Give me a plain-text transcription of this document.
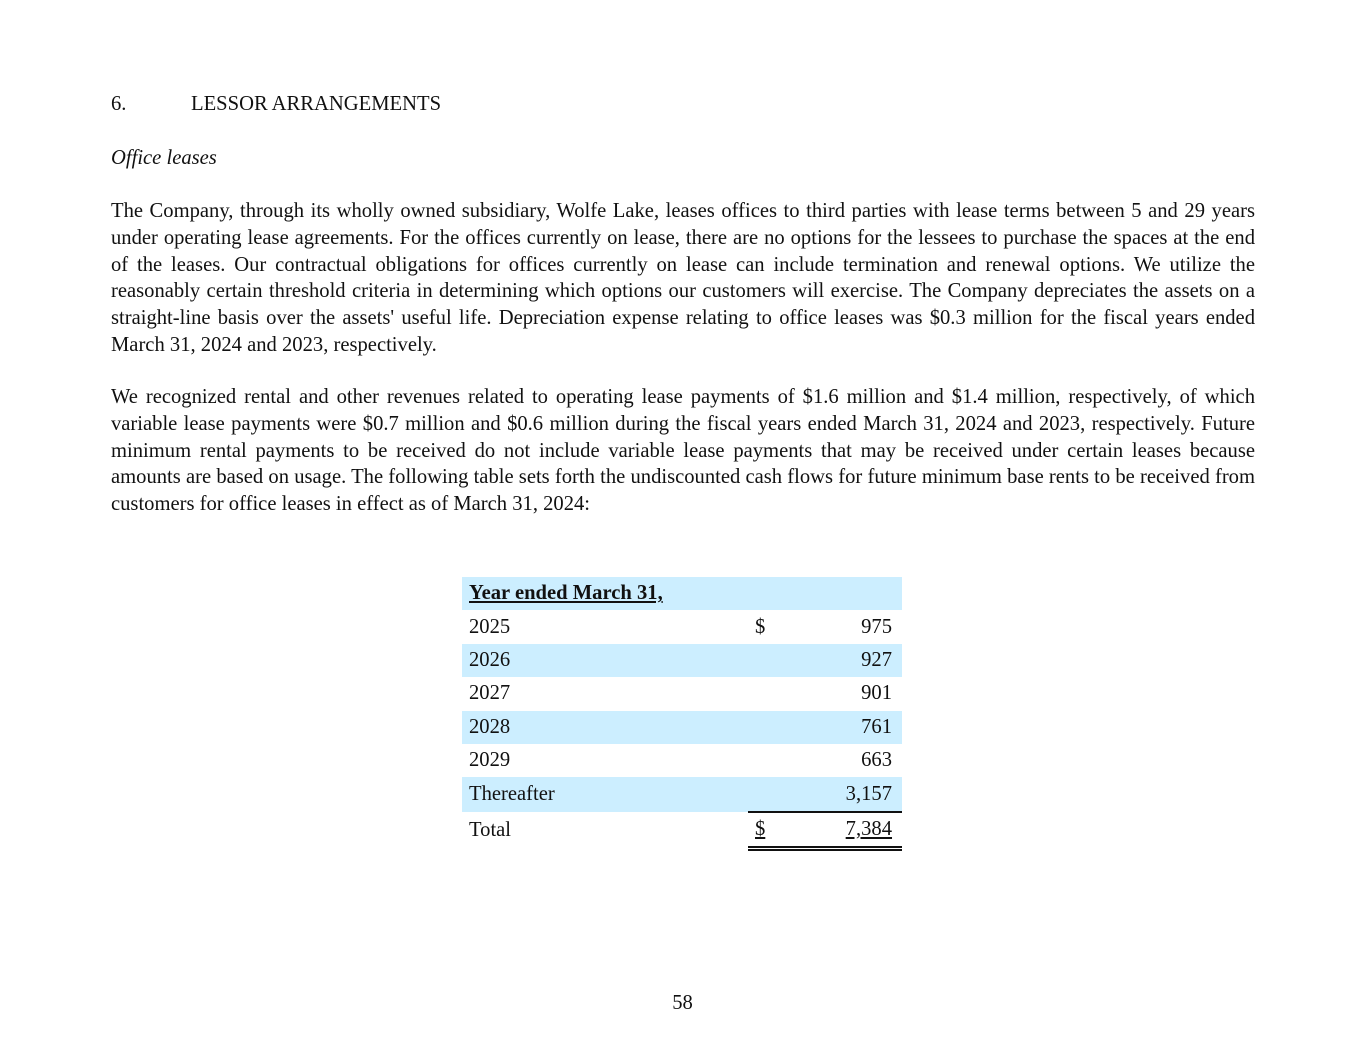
6.	LESSOR ARRANGEMENTS
Office leases

The Company, through its wholly owned subsidiary, Wolfe Lake, leases offices to third parties with lease terms between 5 and 29 years under operating lease agreements. For the offices currently on lease, there are no options for the lessees to purchase the spaces at the end of the leases. Our contractual obligations for offices currently on lease can include termination and renewal options. We utilize the reasonably certain threshold criteria in determining which options our customers will exercise. The Company depreciates the assets on a straight-line basis over the assets' useful life. Depreciation expense relating to office leases was $0.3 million for the fiscal years ended March 31, 2024 and 2023, respectively.

We recognized rental and other revenues related to operating lease payments of $1.6 million and $1.4 million, respectively, of which variable lease payments were $0.7 million and $0.6 million during the fiscal years ended March 31, 2024 and 2023, respectively. Future minimum rental payments to be received do not include variable lease payments that may be received under certain leases because amounts are based on usage. The following table sets forth the undiscounted cash flows for future minimum base rents to be received from customers for office leases in effect as of March 31, 2024:

Year ended March 31,		
2025	$	975
2026		927
2027		901
2028		761
2029		663
Thereafter		3,157
Total	$	7,384
58
